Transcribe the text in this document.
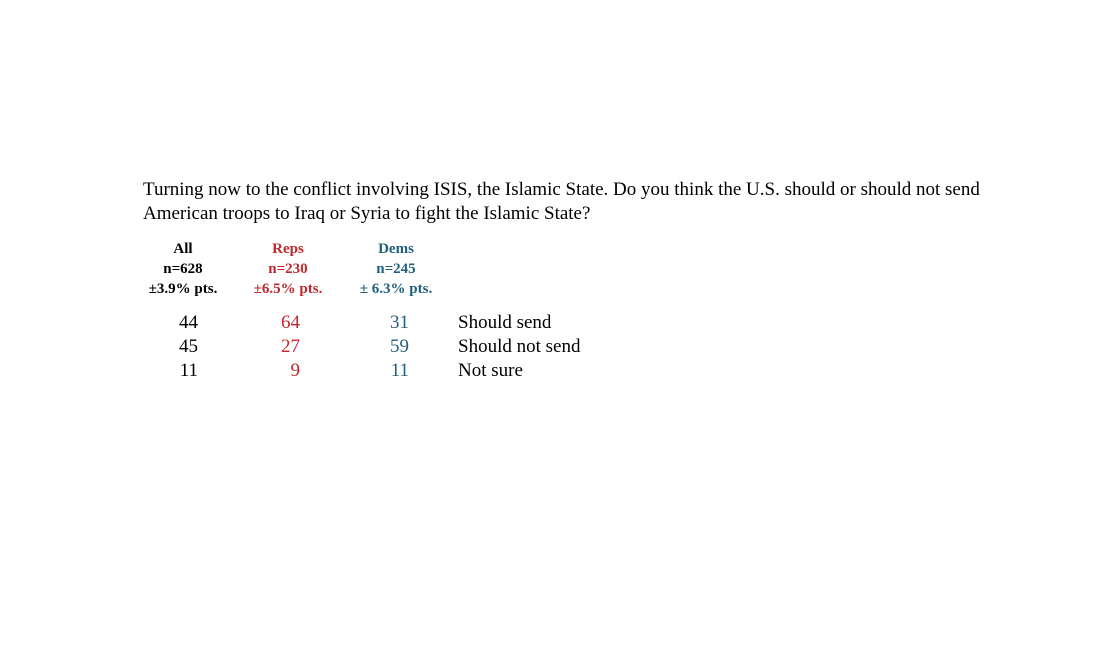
Turning now to the conflict involving ISIS, the Islamic State. Do you think the U.S. should or should not send American troops to Iraq or Syria to fight the Islamic State?

All
n=628
±3.9% pts.
Reps
n=230
±6.5% pts.
Dems
n=245
± 6.3% pts.
44	64	31	Should send
45	27	59	Should not send
11	9	11	Not sure
